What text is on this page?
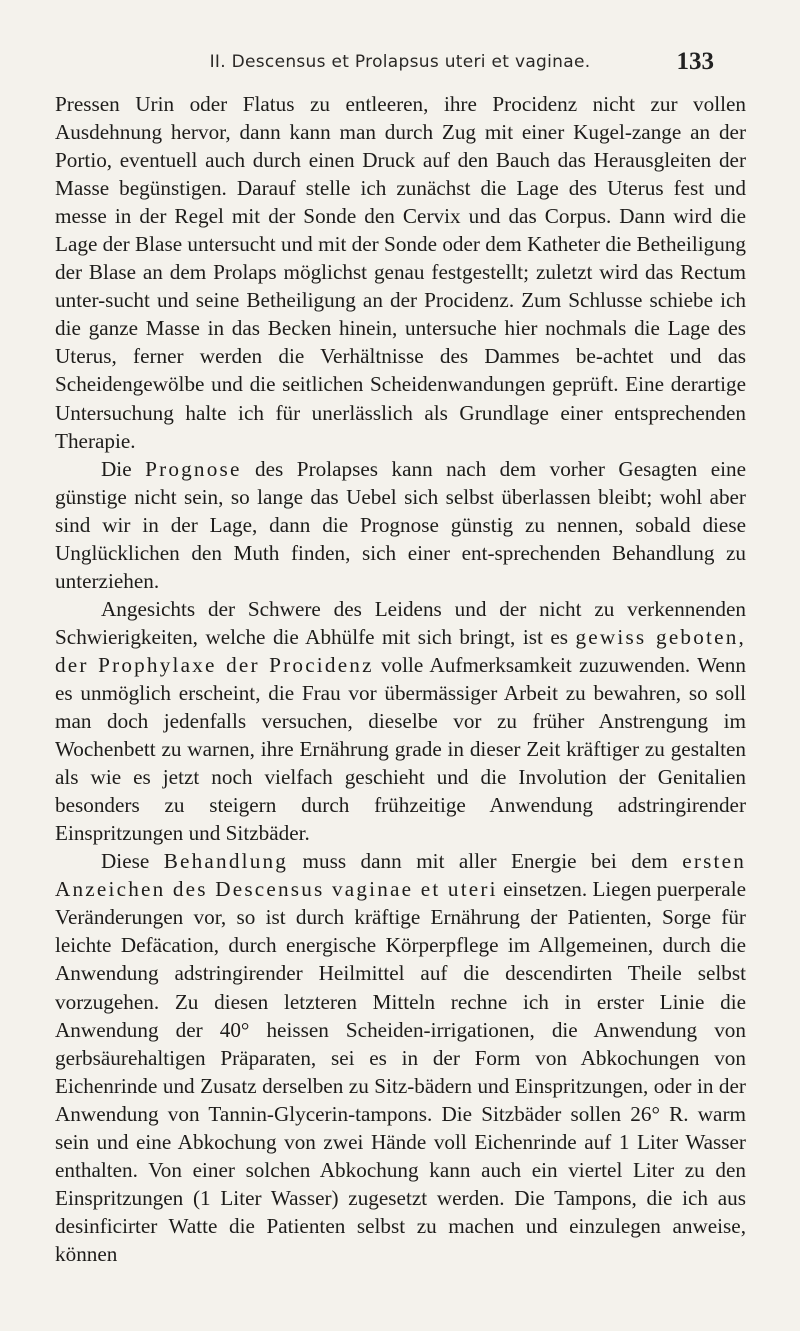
II. Descensus et Prolapsus uteri et vaginae.	133

Pressen Urin oder Flatus zu entleeren, ihre Procidenz nicht zur vollen Ausdehnung hervor, dann kann man durch Zug mit einer Kugel-zange an der Portio, eventuell auch durch einen Druck auf den Bauch das Herausgleiten der Masse begünstigen. Darauf stelle ich zunächst die Lage des Uterus fest und messe in der Regel mit der Sonde den Cervix und das Corpus. Dann wird die Lage der Blase untersucht und mit der Sonde oder dem Katheter die Betheiligung der Blase an dem Prolaps möglichst genau festgestellt; zuletzt wird das Rectum unter-sucht und seine Betheiligung an der Procidenz. Zum Schlusse schiebe ich die ganze Masse in das Becken hinein, untersuche hier nochmals die Lage des Uterus, ferner werden die Verhältnisse des Dammes be-achtet und das Scheidengewölbe und die seitlichen Scheidenwandungen geprüft. Eine derartige Untersuchung halte ich für unerlässlich als Grundlage einer entsprechenden Therapie.

Die Prognose des Prolapses kann nach dem vorher Gesagten eine günstige nicht sein, so lange das Uebel sich selbst überlassen bleibt; wohl aber sind wir in der Lage, dann die Prognose günstig zu nennen, sobald diese Unglücklichen den Muth finden, sich einer ent-sprechenden Behandlung zu unterziehen.

Angesichts der Schwere des Leidens und der nicht zu verkennenden Schwierigkeiten, welche die Abhülfe mit sich bringt, ist es gewiss geboten, der Prophylaxe der Procidenz volle Aufmerksamkeit zuzuwenden. Wenn es unmöglich erscheint, die Frau vor übermässiger Arbeit zu bewahren, so soll man doch jedenfalls versuchen, dieselbe vor zu früher Anstrengung im Wochenbett zu warnen, ihre Ernährung grade in dieser Zeit kräftiger zu gestalten als wie es jetzt noch vielfach geschieht und die Involution der Genitalien besonders zu steigern durch frühzeitige Anwendung adstringirender Einspritzungen und Sitzbäder.

Diese Behandlung muss dann mit aller Energie bei dem ersten Anzeichen des Descensus vaginae et uteri einsetzen. Liegen puerperale Veränderungen vor, so ist durch kräftige Ernährung der Patienten, Sorge für leichte Defäcation, durch energische Körperpflege im Allgemeinen, durch die Anwendung adstringirender Heilmittel auf die descendirten Theile selbst vorzugehen. Zu diesen letzteren Mitteln rechne ich in erster Linie die Anwendung der 40° heissen Scheiden-irrigationen, die Anwendung von gerbsäurehaltigen Präparaten, sei es in der Form von Abkochungen von Eichenrinde und Zusatz derselben zu Sitz-bädern und Einspritzungen, oder in der Anwendung von Tannin-Glycerin-tampons. Die Sitzbäder sollen 26° R. warm sein und eine Abkochung von zwei Hände voll Eichenrinde auf 1 Liter Wasser enthalten. Von einer solchen Abkochung kann auch ein viertel Liter zu den Einspritzungen (1 Liter Wasser) zugesetzt werden. Die Tampons, die ich aus desinficirter Watte die Patienten selbst zu machen und einzulegen anweise, können
